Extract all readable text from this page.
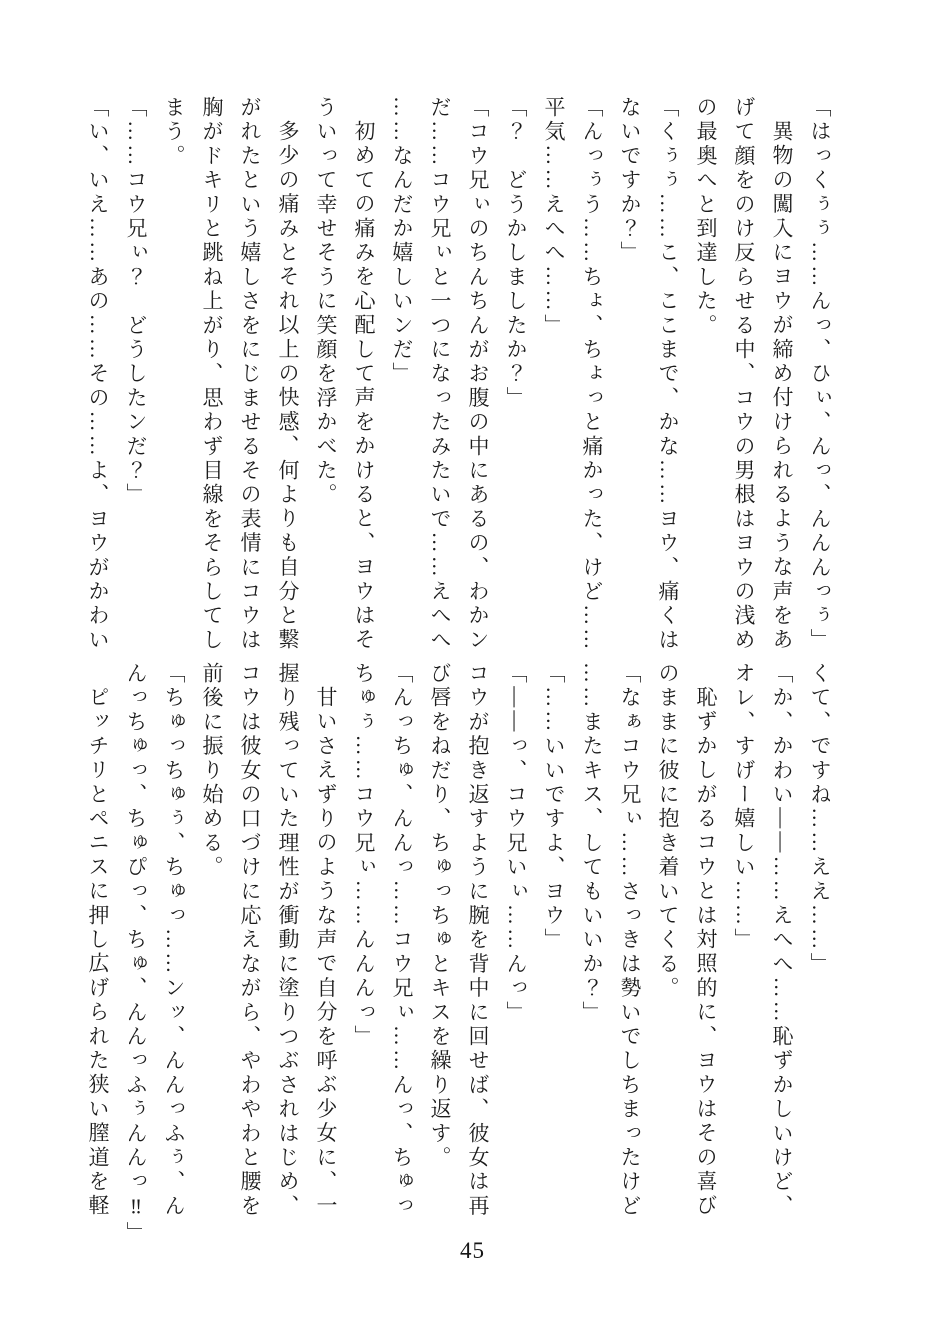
「はっくぅぅ……んっ、ひぃ、んっ、んんんっぅ」
異物の闖入にヨウが締め付けられるような声をあ
げて顔をのけ反らせる中、コウの男根はヨウの浅め
の最奥へと到達した。
「くぅぅ……こ、ここまで、かな……ヨウ、痛くは
ないですか？」
「んっぅう……ちょ、ちょっと痛かった、けど……
平気……えへへ……」
「？　どうかしましたか？」
「コウ兄ぃのちんちんがお腹の中にあるの、わかン
だ……コウ兄ぃと一つになったみたいで……えへへ
……なんだか嬉しいンだ」
初めての痛みを心配して声をかけると、ヨウはそ
ういって幸せそうに笑顔を浮かべた。
多少の痛みとそれ以上の快感、何よりも自分と繋
がれたという嬉しさをにじませるその表情にコウは
胸がドキリと跳ね上がり、思わず目線をそらしてし
まう。
「……コウ兄ぃ？　どうしたンだ？」
「い、いえ……あの……その……よ、ヨウがかわい
くて、ですね……ええ……」
「か、かわい――……えへへ……恥ずかしいけど、
オレ、すげー嬉しい……」
恥ずかしがるコウとは対照的に、ヨウはその喜び
のままに彼に抱き着いてくる。
「なぁコウ兄ぃ……さっきは勢いでしちまったけど
……またキス、してもいいか？」
「……いいですよ、ヨウ」
「――っ、コウ兄いぃ……んっ」
コウが抱き返すように腕を背中に回せば、彼女は再
び唇をねだり、ちゅっちゅとキスを繰り返す。
「んっちゅ、んんっ……コウ兄ぃ……んっ、ちゅっ
ちゅぅ……コウ兄ぃ……んんんっ」
甘いさえずりのような声で自分を呼ぶ少女に、一
握り残っていた理性が衝動に塗りつぶされはじめ、
コウは彼女の口づけに応えながら、やわやわと腰を
前後に振り始める。
「ちゅっちゅぅ、ちゅっ……ンッ、んんっふぅ、ん
んっちゅっ、ちゅぴっ、ちゅ、んんっふぅんんっ‼」
ピッチリとペニスに押し広げられた狭い膣道を軽
45
